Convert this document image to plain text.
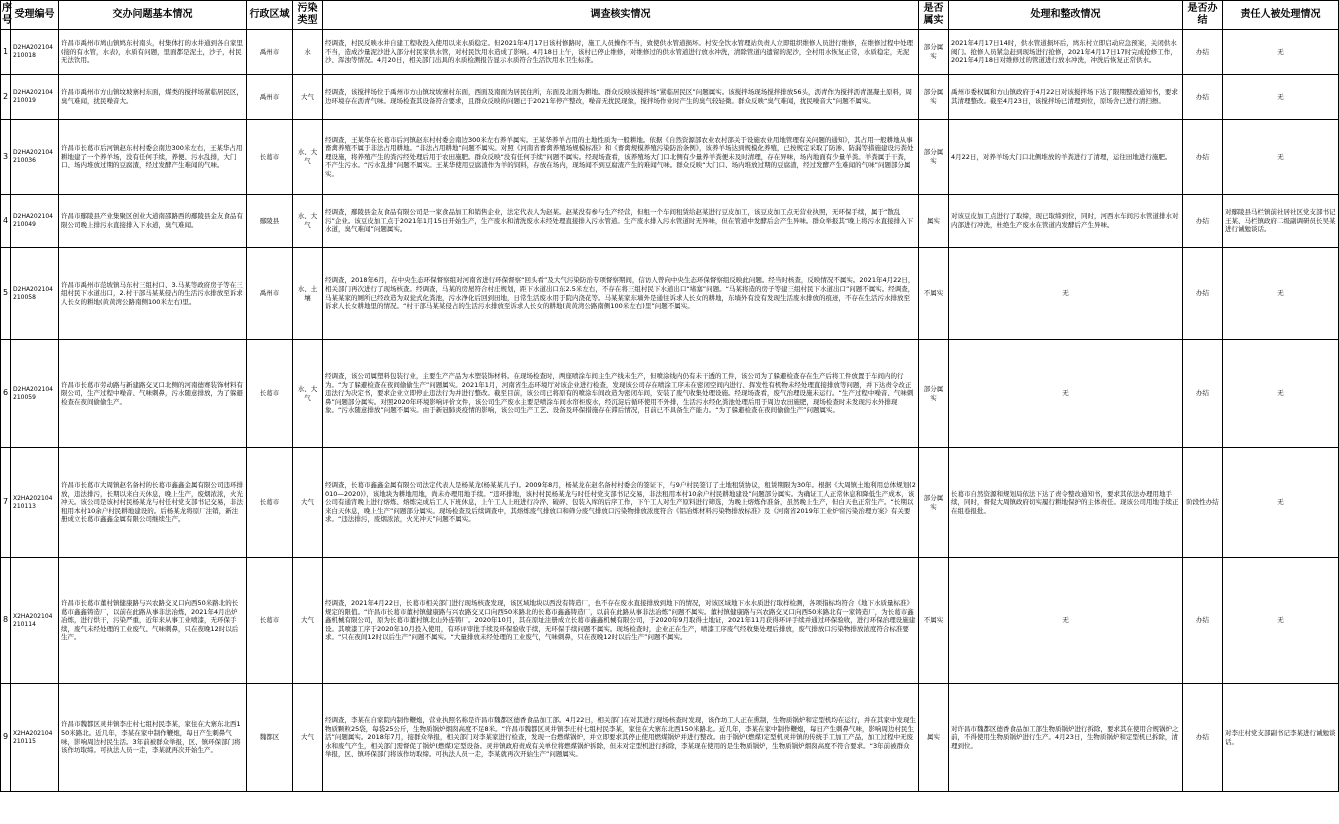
序号	受理编号	交办问题基本情况	行政区域	污染类型	调查核实情况	是否属实	处理和整改情况	是否办结	责任人被处理情况
1	D2HA202104210018	许昌市禹州市鸠山镇鸠东村南头，村集体打的水井通到各自家里(接的有水管，水表)，水质有问题，里面都是泥土，沙子，村民无法饮用。	禹州市	水	经调查，村民反映水井自建工程收投入使用以来水质稳定。但2021年4月17日该村修路时，施工人员操作不当，致使供水管道损坏。村安全饮水管理站负责人立即组织维修人员进行维修，在维修过程中处理不当，造成沙量泥沙进入部分村民家供水管，对村民饮用水造成了影响。4月18日上午，该村已停止维修，对维修过的供水管道进行放水冲洗，清除管道内遗留的泥沙，全村用水恢复正常，水质稳定，无泥沙、浑浊等情况。4月20日，相关部门出具的水质检测报告显示水质符合生活饮用水卫生标准。	部分属实	2021年4月17日14时，供水管道损坏后，鸠东村立即启动应急预案，关闭供水阀门。抢修人员紧急赶到现场进行抢修，2021年4月17日17时完成抢修工作，2021年4月18日对维修过的管道进行放水冲洗，冲洗后恢复正常供水。	办结	无
2	D2HA202104210019	许昌市禹州市方山镇坟坡寨村东面，煤类的搅拌场紧临居民区，臭气难闻，扰民噪音大。	禹州市	大气	经调查，该搅拌场位于禹州市方山镇坟坡寨村东面，西面及南面为居民住所，东面及北面为耕地。群众反映该搅拌场“紧临居民区”问题属实。该搅拌场现场搅拌排放56头，沥青作为搅拌沥青混凝土原料，周边环境存在沥青气味。现场检查其设备符合要求，且群众反映的问题已于2021年停产整改，噪音无扰民现象，搅拌场作业时产生的臭气较轻微。群众反映“臭气难闻，扰民噪音大”问题不属实。	部分属实	禹州市委权属和方山镇政府于4月22日对该搅拌场下达了限期整改通知书，要求其清理整改。截至4月23日，该搅拌场已清理到位，原场舍已进行清扫擦。	办结	无
3	D2HA202104210036	许昌市长葛市后河镇赵东村村委会南边300米左右，王某华占用耕地建了一个养羊场，没有任何手续，养便、污水乱排，大门口、场内堆放过期的豆腐渣，经过发酵产生难闻的气味。	长葛市	水、大气	经调查，王某华在长葛市后河镇赵东村村委会南边300米左右养羊属实。王某华养羊占用的土地性质为一般耕地。依据《自然资源部农业农村部关于设施农业用地管理有关问题的通知》，其占用一般耕地从事畜禽养殖不属于非法占用耕地。“非法占用耕地”问题不属实。对照《河南省畜禽养殖场规模标准》和《畜禽规模养殖污染防治条例》，该养羊场达到规模化养殖，已按规定采取了防渗、防漏等措施建设污粪处理设施，将养殖产生的粪污经处理后用于农田施肥。群众反映“没有任何手续”问题不属实。经现场查看，该养殖场大门口北侧有少量养羊粪便未及时清理，存在异味，场内地面有少量羊粪。羊粪属于干粪，不产生污水。“污水乱排”问题不属实。王某华使用豆腐渣作为羊的饲料，存放在场内，现场闻不到豆腐渣产生的难闻气味。群众反映“大门口、场内堆放过期的豆腐渣，经过发酵产生难闻的气味”问题部分属实。	部分属实	4月22日，对养羊场大门口北侧堆放的羊粪进行了清理，运往田地进行施肥。	办结	无
4	D2HA202104210049	许昌市鄢陵县产业集聚区创业大道南邵路西的鄢陵县金友食品有限公司晚上排污水直接排入下水道，臭气难闻。	鄢陵县	水、大气	经调查，鄢陵县金友食品有限公司是一家食品加工和销售企业，法定代表人为赵某。赵某没有参与生产经营，但租一个车间租赁给赵某进行豆皮加工，该豆皮加工点无营业执照，无环保手续，属于“散乱污”企业。该豆皮加工点于2021年1月15日开始生产，生产废水和清洗废水未经处理直接排入污水管道。生产废水排入污水管道时无异味，但在管道中发酵后会产生异味。群众举报其“晚上将污水直接排入下水道，臭气难闻”问题属实。	属实	对该豆皮加工点进行了取缔，现已取缔到位，同时，河西水车间污水管道排水对内部进行冲洗，杜绝生产废水在管道内发酵后产生异味。	办结	对鄢陵县马栏镇前社居社区党支部书记王某、马栏镇政府二级副调研员长吴某进行诫勉谈话。
5	D2HA202104210058	许昌市禹州市范坡镇马东村三组村口、3.马某等政府房子等在三组村民下水道出口，2.村干部马某某侵占的生活污水排放至诉求人长女的耕地(黄黄湾公路南侧100米左右)里。	禹州市	水、土壤	经调查，2018年6月，在中央生态环保督察组对河南省进行环保督察“回头看”及大气污染防治专项督察期间，信访人曾向中央生态环保督察组反映此问题。经当时核查，反映情况不属实。2021年4月22日，相关部门再次进行了现场核查。经调查，马某的房屋符合村庄规划，距下水道出口东2.5米左右，不存在将三组村民下水道出口“堵塞”问题。“马某将造的房子等建三组村民下水道出口”问题不属实。经调查，马某某家的厕所已经改造为双瓮式化粪池，污水净化后回到田地，日常生活废水用于院内浇花等。马某某家东墙外是通往诉求人长女的耕地，东墙外有没有发现生活废水排放的痕迹，不存在生活污水排放至诉求人长女耕地里的情况。“村干部马某某侵占的生活污水排放至诉求人长女的耕地(黄黄湾公路南侧100米左右)里”问题不属实。	不属实	无	办结	无
6	D2HA202104210059	许昌市长葛市劳动路与新建路交叉口北侧的河南德赛装饰材料有限公司，生产过程中噪音、气味刺鼻，污水随意排放，为了躲避检查在夜间偷偷生产。	长葛市	水、大气	经调查，该公司属塑料包装行业，主要生产产品为木塑装饰材料。在现场检查时，两座喷涂车间主生产线未生产，但喷涂线内仍有未干透的工件，该公司为了躲避检查存在生产后将工件放置于车间内的行为。“为了躲避检查在夜间偷偷生产”问题属实。2021年1月，河南省生态环境厅对该企业进行检查，发现该公司存在喷涂工序未在密闭空间内进行、挥发性有机物未经处理直接排放等问题，并下达责令改正违法行为决定书，要求企业立即停止违法行为并进行整改。截至目前，该公司已将原有的喷涂车间改造为密闭车间，安装了废气收集处理设施。经现场查看，废气治理设施未运行。“生产过程中噪音、气味刺鼻”问题部分属实。对照2020年环境影响评价文件，该公司生产废水主要是喷涂车间水帘柜废水，经沉淀后循环使用不外排，生活污水经化粪池处理后用于周边农田施肥，现场检查时未发现污水外排现象。“污水随意排放”问题不属实。由于新冠肺炎疫情的影响，该公司生产工艺、设备及环保措施存在滞后情况，目前已不具备生产能力。“为了躲避检查在夜间偷偷生产”问题属实。	部分属实	无	办结	无
7	X2HA202104210113	许昌市长葛市大周镇赵名备村的长葛市鑫鑫金属有限公司违环排放，违法排污，长期以来白天休息，晚上生产，废烟浓浓，火光冲天。该公司是该村村民杨某龙与村任村党支部书记交易，非法租用本村10余户村民耕地建设的。后杨某龙将原厂注销，新注册成立长葛市鑫鑫金属有限公司继续生产。	长葛市	大气	经调查，长葛市鑫鑫金属有限公司法定代表人是杨某龙(杨某某儿子)。2009年8月，杨某龙在赵名备村村委会的签证下，与9户村民签订了土地租赁协议，租赁期限为30年。根据《大周镇土地利用总体规划(2010—2020)》，该地块为耕地用地，尚未办理用地手续。“违环排地，该村村民杨某龙与时任村党支部书记交易，非法租用本村10余户村民耕地建设”问题部分属实。为确证工人正常休息和降低生产成本，该公司有通宵晚上进行熔炼、熔炼完成后工人下班休息，上午工人上班进行冷淬、破碎、包装入库的后序工作，下午工人对生产原料进行筛选，为晚上熔炼作准备，虽然晚上生产，但白天也正常生产。“长期以来白天休息，晚上生产”问题部分属实。现场检查及后续调查中，其熔炼废气排放口和筛分废气排放口污染物排放浓度符合《铝冶炼材料污染物排放标准》及《河南省2019年工业炉窑污染治理方案》有关要求。“违法排污，废烟浓浓，火光冲天”问题不属实。	部分属实	长葛市自然资源和规划局依法下达了责令整改通知书，要求其依法办理用地手续，同时，督促大周镇政府切实履行耕地保护的主体责任。现该公司用地手续正在组卷报批。	阶段性办结	无
8	X2HA202104210114	许昌市长葛市董村镇健康路与兴农路交叉口向西50米路北的长葛市鑫鑫铸造厂，以前在此路从事非法冶炼，2021年4月出炉冶炼，进行烘干，污染严重，近年来从事工业喷漆，无环保手续，废气未经处理的工业废气、气味刺鼻，只在夜晚12时以后生产。	长葛市	大气	经调查，2021年4月22日，长葛市相关部门进行现场核查发现，该区域地块以西没有铸造厂，也不存在废水直接排放到地下的情况，对该区域地下水水质进行取样检测，各项指标均符合《地下水质量标准》规定的限值。“许昌市长葛市董村镇健康路与兴农路交叉口向西50米路北的长葛市鑫鑫铸造厂，以前在此路从事非法冶炼”问题不属实。董村镇健康路与兴农路交叉口向西50米路北有一家铸造厂，为长葛市鑫鑫机械有限公司，原为长葛市董村镇北山外连铸厂。2020年10月，其在原址注册成立长葛市鑫鑫机械有限公司，于2020年9月取得土地证，2021年11月获得环评手续并通过环保验收，进行环保治理设施建设。其喷漆工序于2020年10月投入使用，有环评审批手续及环保验收手续，无环保手续问题不属实。现场检查时，企业正在生产，喷漆工序废气经收集处理后排放，废气排放口污染物排放浓度符合标准要求。“只在夜间12时以后生产”问题不属实。“大量排放未经处理的工业废气，气味刺鼻，只在夜晚12时以后生产”问题不属实。	不属实	无	办结	无
9	X2HA202104210115	许昌市魏都区灵井镇李庄村七组村民李某，家住在大寨东北西150米路北。近几年，李某在家中制作鞭炮，每日产生刺鼻气味，影响周边村民生活。3年前被群众举报，区、镇环保部门将该作坊取缔。可执法人员一走，李某就再次开始生产。	魏都区	大气	经调查，李某在自家院内制作鞭炮，营业执照名称是许昌市魏都区德香食品加工部。4月22日，相关部门在对其进行现场核查时发现，该作坊工人正在熏制，生物质锅炉和定型机均在运行，并在其家中发现生物质颗粒25袋，每袋25公斤，生物质锅炉烟囱高度不足8米。“许昌市魏都区灵井镇李庄村七组村民李某，家住在大寨东北西150米路北。近几年，李某在家中制作鞭炮，每日产生刺鼻气味，影响周边村民生活”问题属实。2018年7月，接群众举报，相关部门对李某家进行检查，发现一台燃煤锅炉，并立即要求其停止使用燃煤锅炉并进行整改。由于锅炉(燃煤)定型机灵井镇的传统手工加工产品，加工过程中无废水和废气产生，相关部门需督促了锅炉(燃煤)定型设备。灵井镇政府责成有关单位将燃煤锅炉拆除，但未对定型机进行拆除，李某现在使用的是生物质锅炉，生物质锅炉烟囱高度不符合要求。“3年前被群众举报，区、镇环保部门将该作坊取缔。可执法人员一走，李某就再次开始生产”问题属实。	属实	对许昌市魏都区德香食品加工部生物质锅炉进行拆除，要求其在使用合规锅炉之前，不得使用生物质锅炉进行生产。4月23日，生物质锅炉和定型机已拆除，清理到位。	办结	对李庄村党支部副书记李某进行诫勉谈话。
